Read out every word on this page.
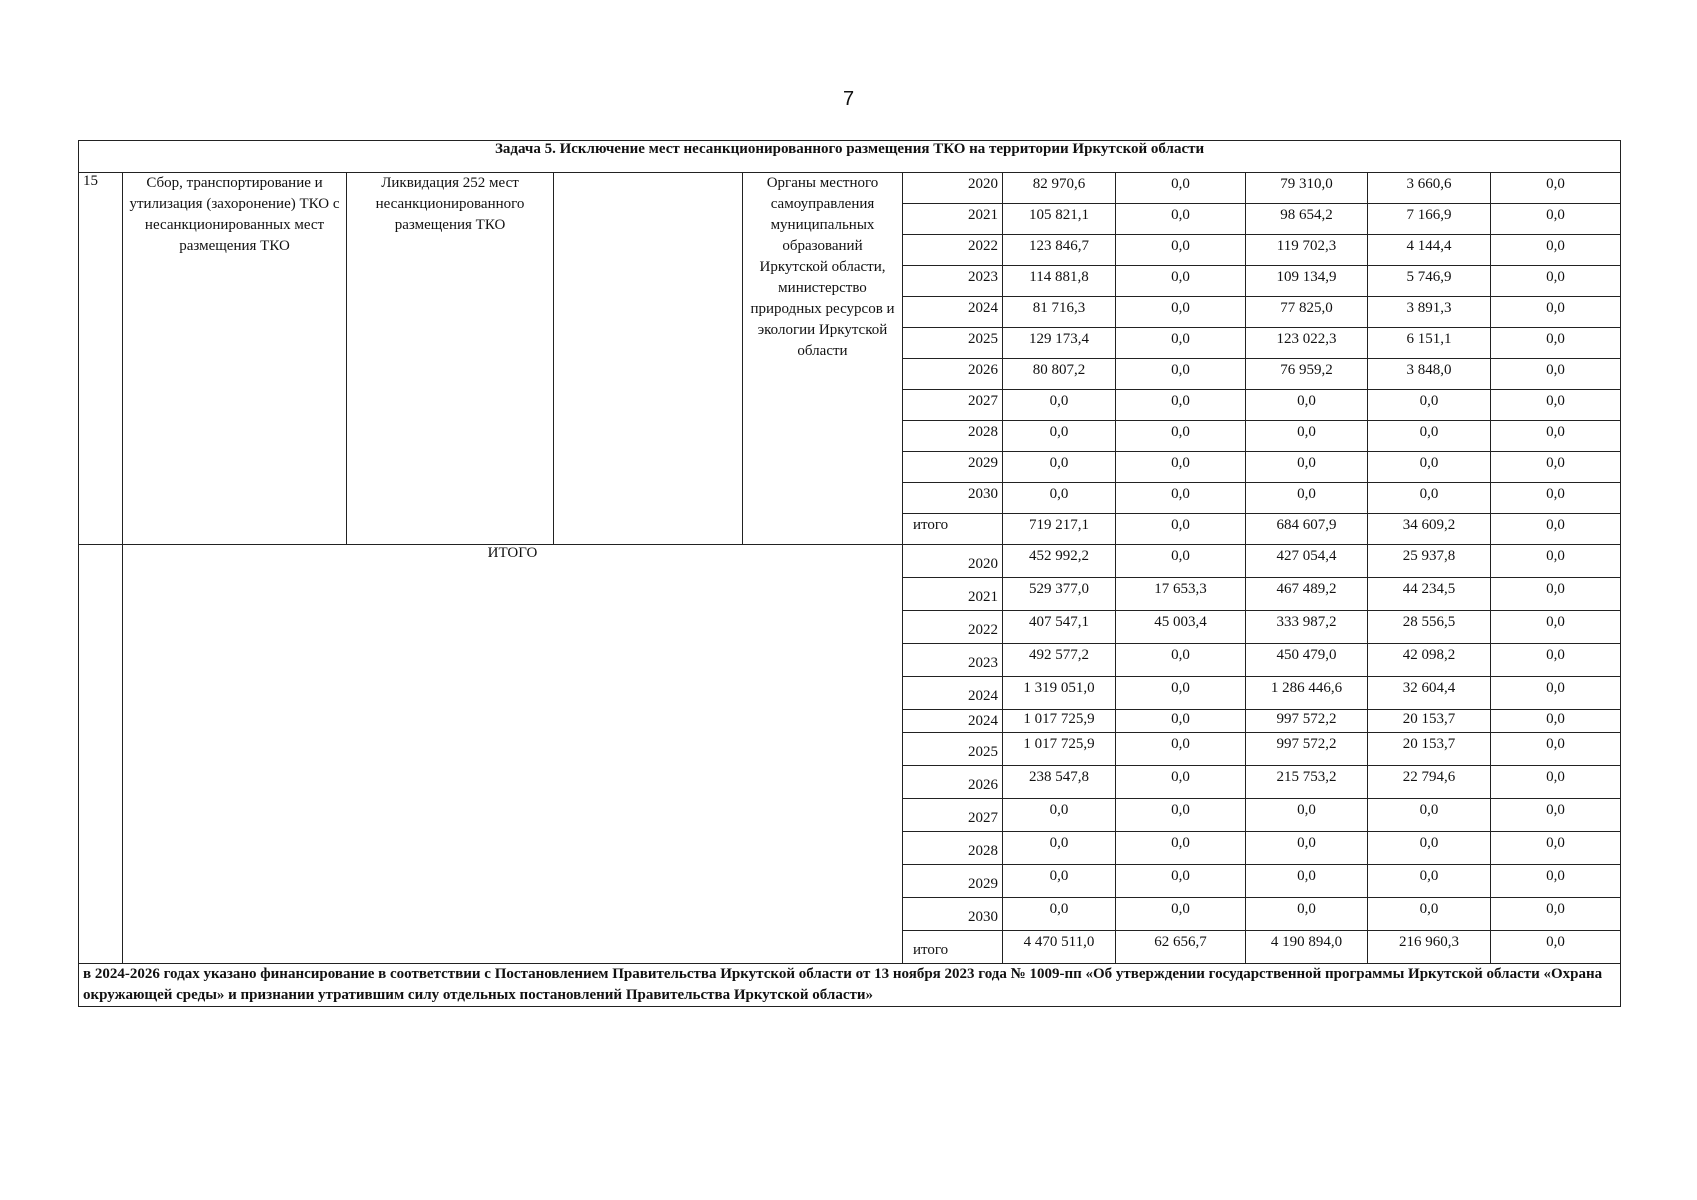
7
Задача 5. Исключение мест несанкционированного размещения ТКО на территории Иркутской области										
15	Сбор, транспортирование и утилизация (захоронение) ТКО с несанкционированных мест размещения ТКО	Ликвидация 252 мест несанкционированного размещения ТКО		Органы местного самоуправления муниципальных образований Иркутской области, министерство природных ресурсов и экологии Иркутской области	2020	82 970,6	0,0	79 310,0	3 660,6	0,0
					2021	105 821,1	0,0	98 654,2	7 166,9	0,0
					2022	123 846,7	0,0	119 702,3	4 144,4	0,0
					2023	114 881,8	0,0	109 134,9	5 746,9	0,0
					2024	81 716,3	0,0	77 825,0	3 891,3	0,0
					2025	129 173,4	0,0	123 022,3	6 151,1	0,0
					2026	80 807,2	0,0	76 959,2	3 848,0	0,0
					2027	0,0	0,0	0,0	0,0	0,0
					2028	0,0	0,0	0,0	0,0	0,0
					2029	0,0	0,0	0,0	0,0	0,0
					2030	0,0	0,0	0,0	0,0	0,0
					итого	719 217,1	0,0	684 607,9	34 609,2	0,0
	ИТОГО				2020	452 992,2	0,0	427 054,4	25 937,8	0,0
					2021	529 377,0	17 653,3	467 489,2	44 234,5	0,0
					2022	407 547,1	45 003,4	333 987,2	28 556,5	0,0
					2023	492 577,2	0,0	450 479,0	42 098,2	0,0
					2024	1 319 051,0	0,0	1 286 446,6	32 604,4	0,0
					2024	1 017 725,9	0,0	997 572,2	20 153,7	0,0
					2025	1 017 725,9	0,0	997 572,2	20 153,7	0,0
					2026	238 547,8	0,0	215 753,2	22 794,6	0,0
					2027	0,0	0,0	0,0	0,0	0,0
					2028	0,0	0,0	0,0	0,0	0,0
					2029	0,0	0,0	0,0	0,0	0,0
					2030	0,0	0,0	0,0	0,0	0,0
					итого	4 470 511,0	62 656,7	4 190 894,0	216 960,3	0,0
в 2024-2026 годах указано финансирование в соответствии с Постановлением Правительства Иркутской области от 13 ноября 2023 года № 1009-пп «Об утверждении государственной программы Иркутской области «Охрана окружающей среды» и признании утратившим силу отдельных постановлений Правительства Иркутской области»										
